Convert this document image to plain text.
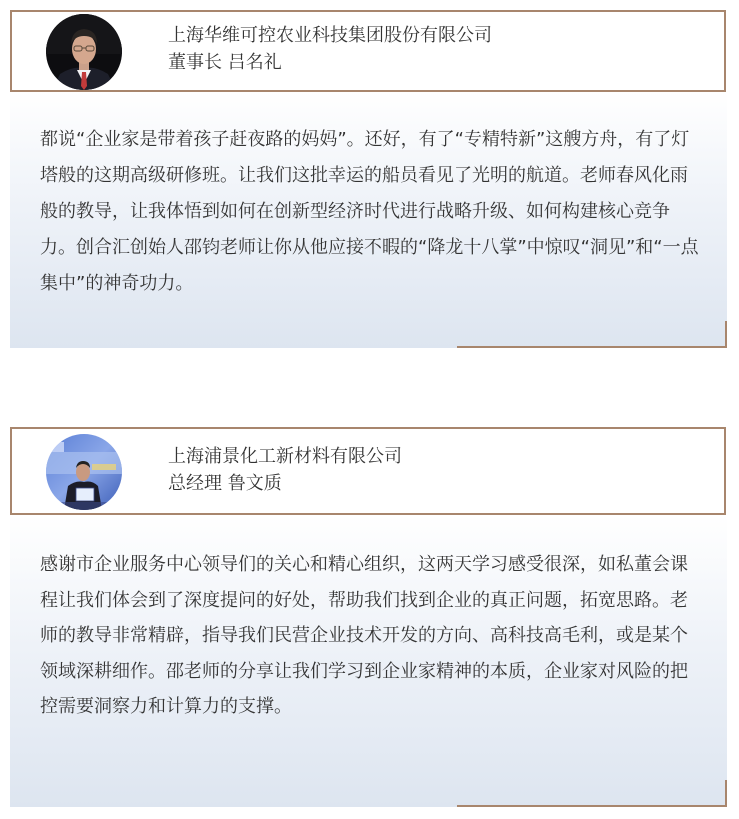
上海华维可控农业科技集团股份有限公司
董事长 吕名礼
都说“企业家是带着孩子赶夜路的妈妈”。还好，有了“专精特新”这艘方舟，有了灯塔般的这期高级研修班。让我们这批幸运的船员看见了光明的航道。老师春风化雨般的教导，让我体悟到如何在创新型经济时代进行战略升级、如何构建核心竞争力。创合汇创始人邵钧老师让你从他应接不暇的“降龙十八掌”中惊叹“洞见”和“一点集中”的神奇功力。
上海浦景化工新材料有限公司
总经理 鲁文质
感谢市企业服务中心领导们的关心和精心组织，这两天学习感受很深，如私董会课程让我们体会到了深度提问的好处，帮助我们找到企业的真正问题，拓宽思路。老师的教导非常精辟，指导我们民营企业技术开发的方向、高科技高毛利，或是某个领域深耕细作。邵老师的分享让我们学习到企业家精神的本质，企业家对风险的把控需要洞察力和计算力的支撑。
